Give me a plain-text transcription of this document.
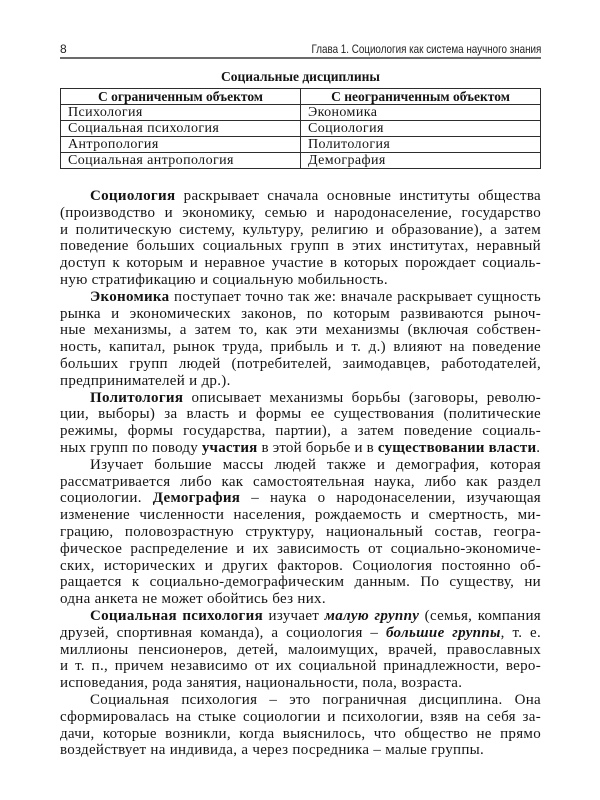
8	Глава 1. Социология как система научного знания
Социальные дисциплины
С ограниченным объектом	С неограниченным объектом
Психология	Экономика
Социальная психология	Социология
Антропология	Политология
Социальная антропология	Демография
Социология раскрывает сначала основные институты общества
(производство и экономику, семью и народонаселение, государство
и политическую систему, культуру, религию и образование), а затем
поведение больших социальных групп в этих институтах, неравный
доступ к которым и неравное участие в которых порождает социаль-
ную стратификацию и социальную мобильность.
Экономика поступает точно так же: вначале раскрывает сущность
рынка и экономических законов, по которым развиваются рыноч-
ные механизмы, а затем то, как эти механизмы (включая собствен-
ность, капитал, рынок труда, прибыль и т. д.) влияют на поведение
больших групп людей (потребителей, заимодавцев, работодателей,
предпринимателей и др.).
Политология описывает механизмы борьбы (заговоры, револю-
ции, выборы) за власть и формы ее существования (политические
режимы, формы государства, партии), а затем поведение социаль-
ных групп по поводу участия в этой борьбе и в существовании власти.
Изучает большие массы людей также и демография, которая
рассматривается либо как самостоятельная наука, либо как раздел
социологии. Демография – наука о народонаселении, изучающая
изменение численности населения, рождаемость и смертность, ми-
грацию, половозрастную структуру, национальный состав, геогра-
фическое распределение и их зависимость от социально-экономиче-
ских, исторических и других факторов. Социология постоянно об-
ращается к социально-демографическим данным. По существу, ни
одна анкета не может обойтись без них.
Социальная психология изучает малую группу (семья, компания
друзей, спортивная команда), а социология – большие группы, т. е.
миллионы пенсионеров, детей, малоимущих, врачей, православных
и т. п., причем независимо от их социальной принадлежности, веро-
исповедания, рода занятия, национальности, пола, возраста.
Социальная психология – это пограничная дисциплина. Она
сформировалась на стыке социологии и психологии, взяв на себя за-
дачи, которые возникли, когда выяснилось, что общество не прямо
воздействует на индивида, а через посредника – малые группы.
